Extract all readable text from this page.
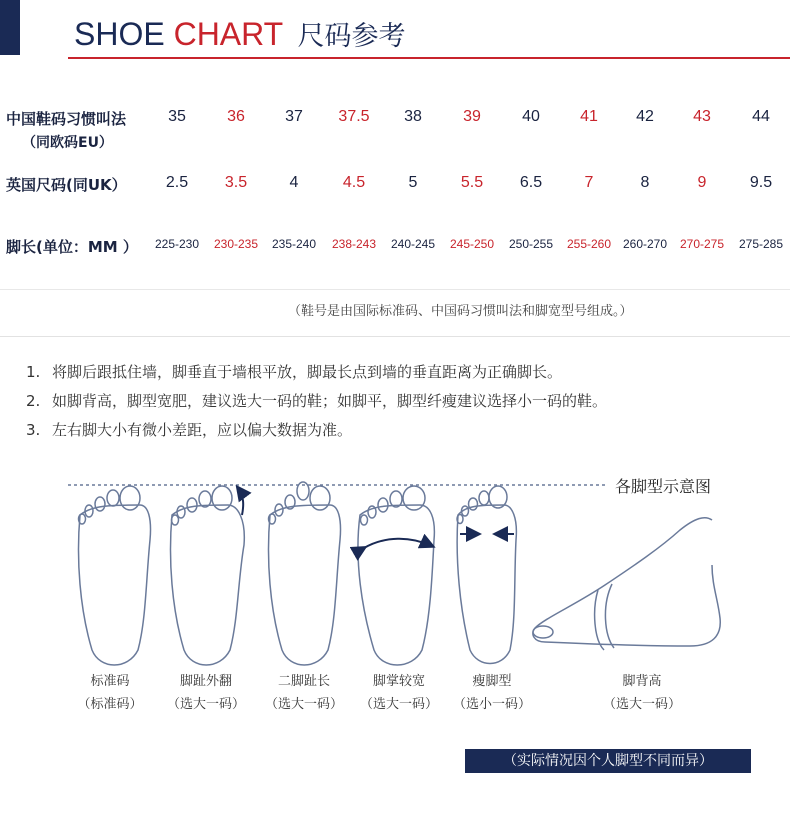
SHOE CHART 尺码参考
中国鞋码习惯叫法
（同欧码EU）
35	36	37	37.5	38	39	40	41	42	43	44
英国尺码(同UK）	2.5	3.5	4	4.5	5	5.5	6.5	7	8	9	9.5
脚长(单位：MM ）	225-230	230-235	235-240	238-243	240-245	245-250	250-255	255-260 260-270	270-275	275-285
（鞋号是由国际标准码、中国码习惯叫法和脚宽型号组成。）
1. 将脚后跟抵住墙，脚垂直于墙根平放，脚最长点到墙的垂直距离为正确脚长。
2. 如脚背高，脚型宽肥，建议选大一码的鞋；如脚平，脚型纤瘦建议选择小一码的鞋。
3. 左右脚大小有微小差距，应以偏大数据为准。
各脚型示意图
标准码
（标准码）
脚趾外翻
（选大一码）
二脚趾长
（选大一码）
脚掌较宽
（选大一码）
瘦脚型
（选小一码）
脚背高
（选大一码）
（实际情况因个人脚型不同而异）
